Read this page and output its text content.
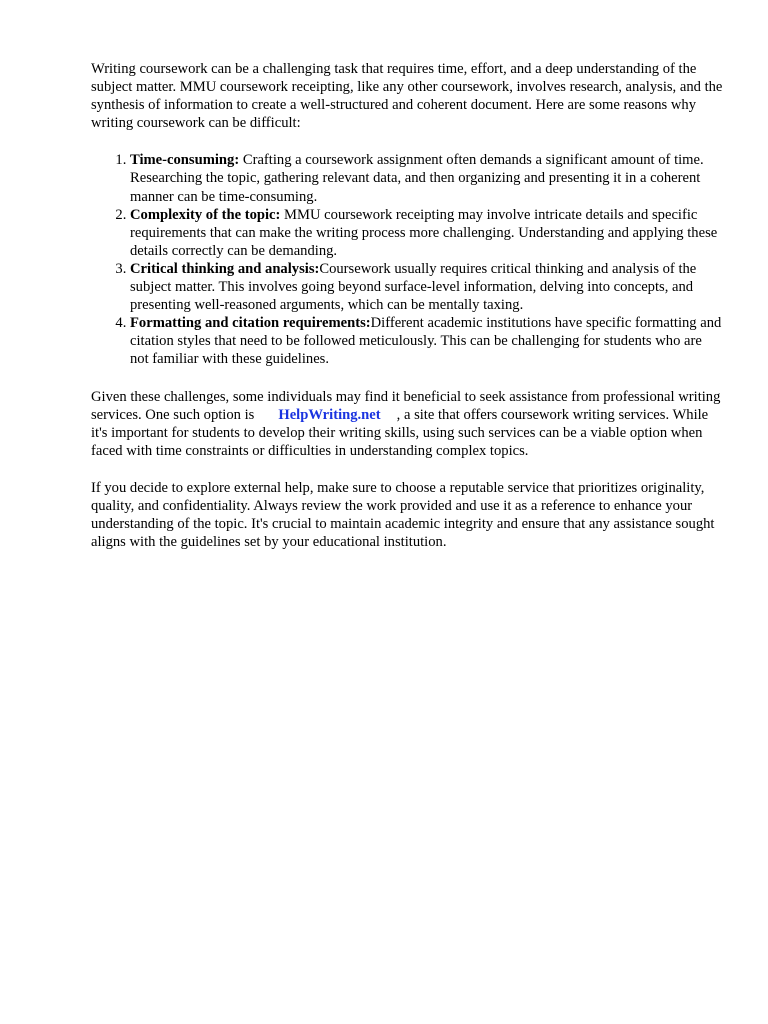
Writing coursework can be a challenging task that requires time, effort, and a deep understanding of the subject matter. MMU coursework receipting, like any other coursework, involves research, analysis, and the synthesis of information to create a well-structured and coherent document. Here are some reasons why writing coursework can be difficult:

1. Time-consuming: Crafting a coursework assignment often demands a significant amount of time. Researching the topic, gathering relevant data, and then organizing and presenting it in a coherent manner can be time-consuming.
2. Complexity of the topic: MMU coursework receipting may involve intricate details and specific requirements that can make the writing process more challenging. Understanding and applying these details correctly can be demanding.
3. Critical thinking and analysis:Coursework usually requires critical thinking and analysis of the subject matter. This involves going beyond surface-level information, delving into concepts, and presenting well-reasoned arguments, which can be mentally taxing.
4. Formatting and citation requirements:Different academic institutions have specific formatting and citation styles that need to be followed meticulously. This can be challenging for students who are not familiar with these guidelines.

Given these challenges, some individuals may find it beneficial to seek assistance from professional writing services. One such option is HelpWriting.net , a site that offers coursework writing services. While it's important for students to develop their writing skills, using such services can be a viable option when faced with time constraints or difficulties in understanding complex topics.

If you decide to explore external help, make sure to choose a reputable service that prioritizes originality, quality, and confidentiality. Always review the work provided and use it as a reference to enhance your understanding of the topic. It's crucial to maintain academic integrity and ensure that any assistance sought aligns with the guidelines set by your educational institution.
